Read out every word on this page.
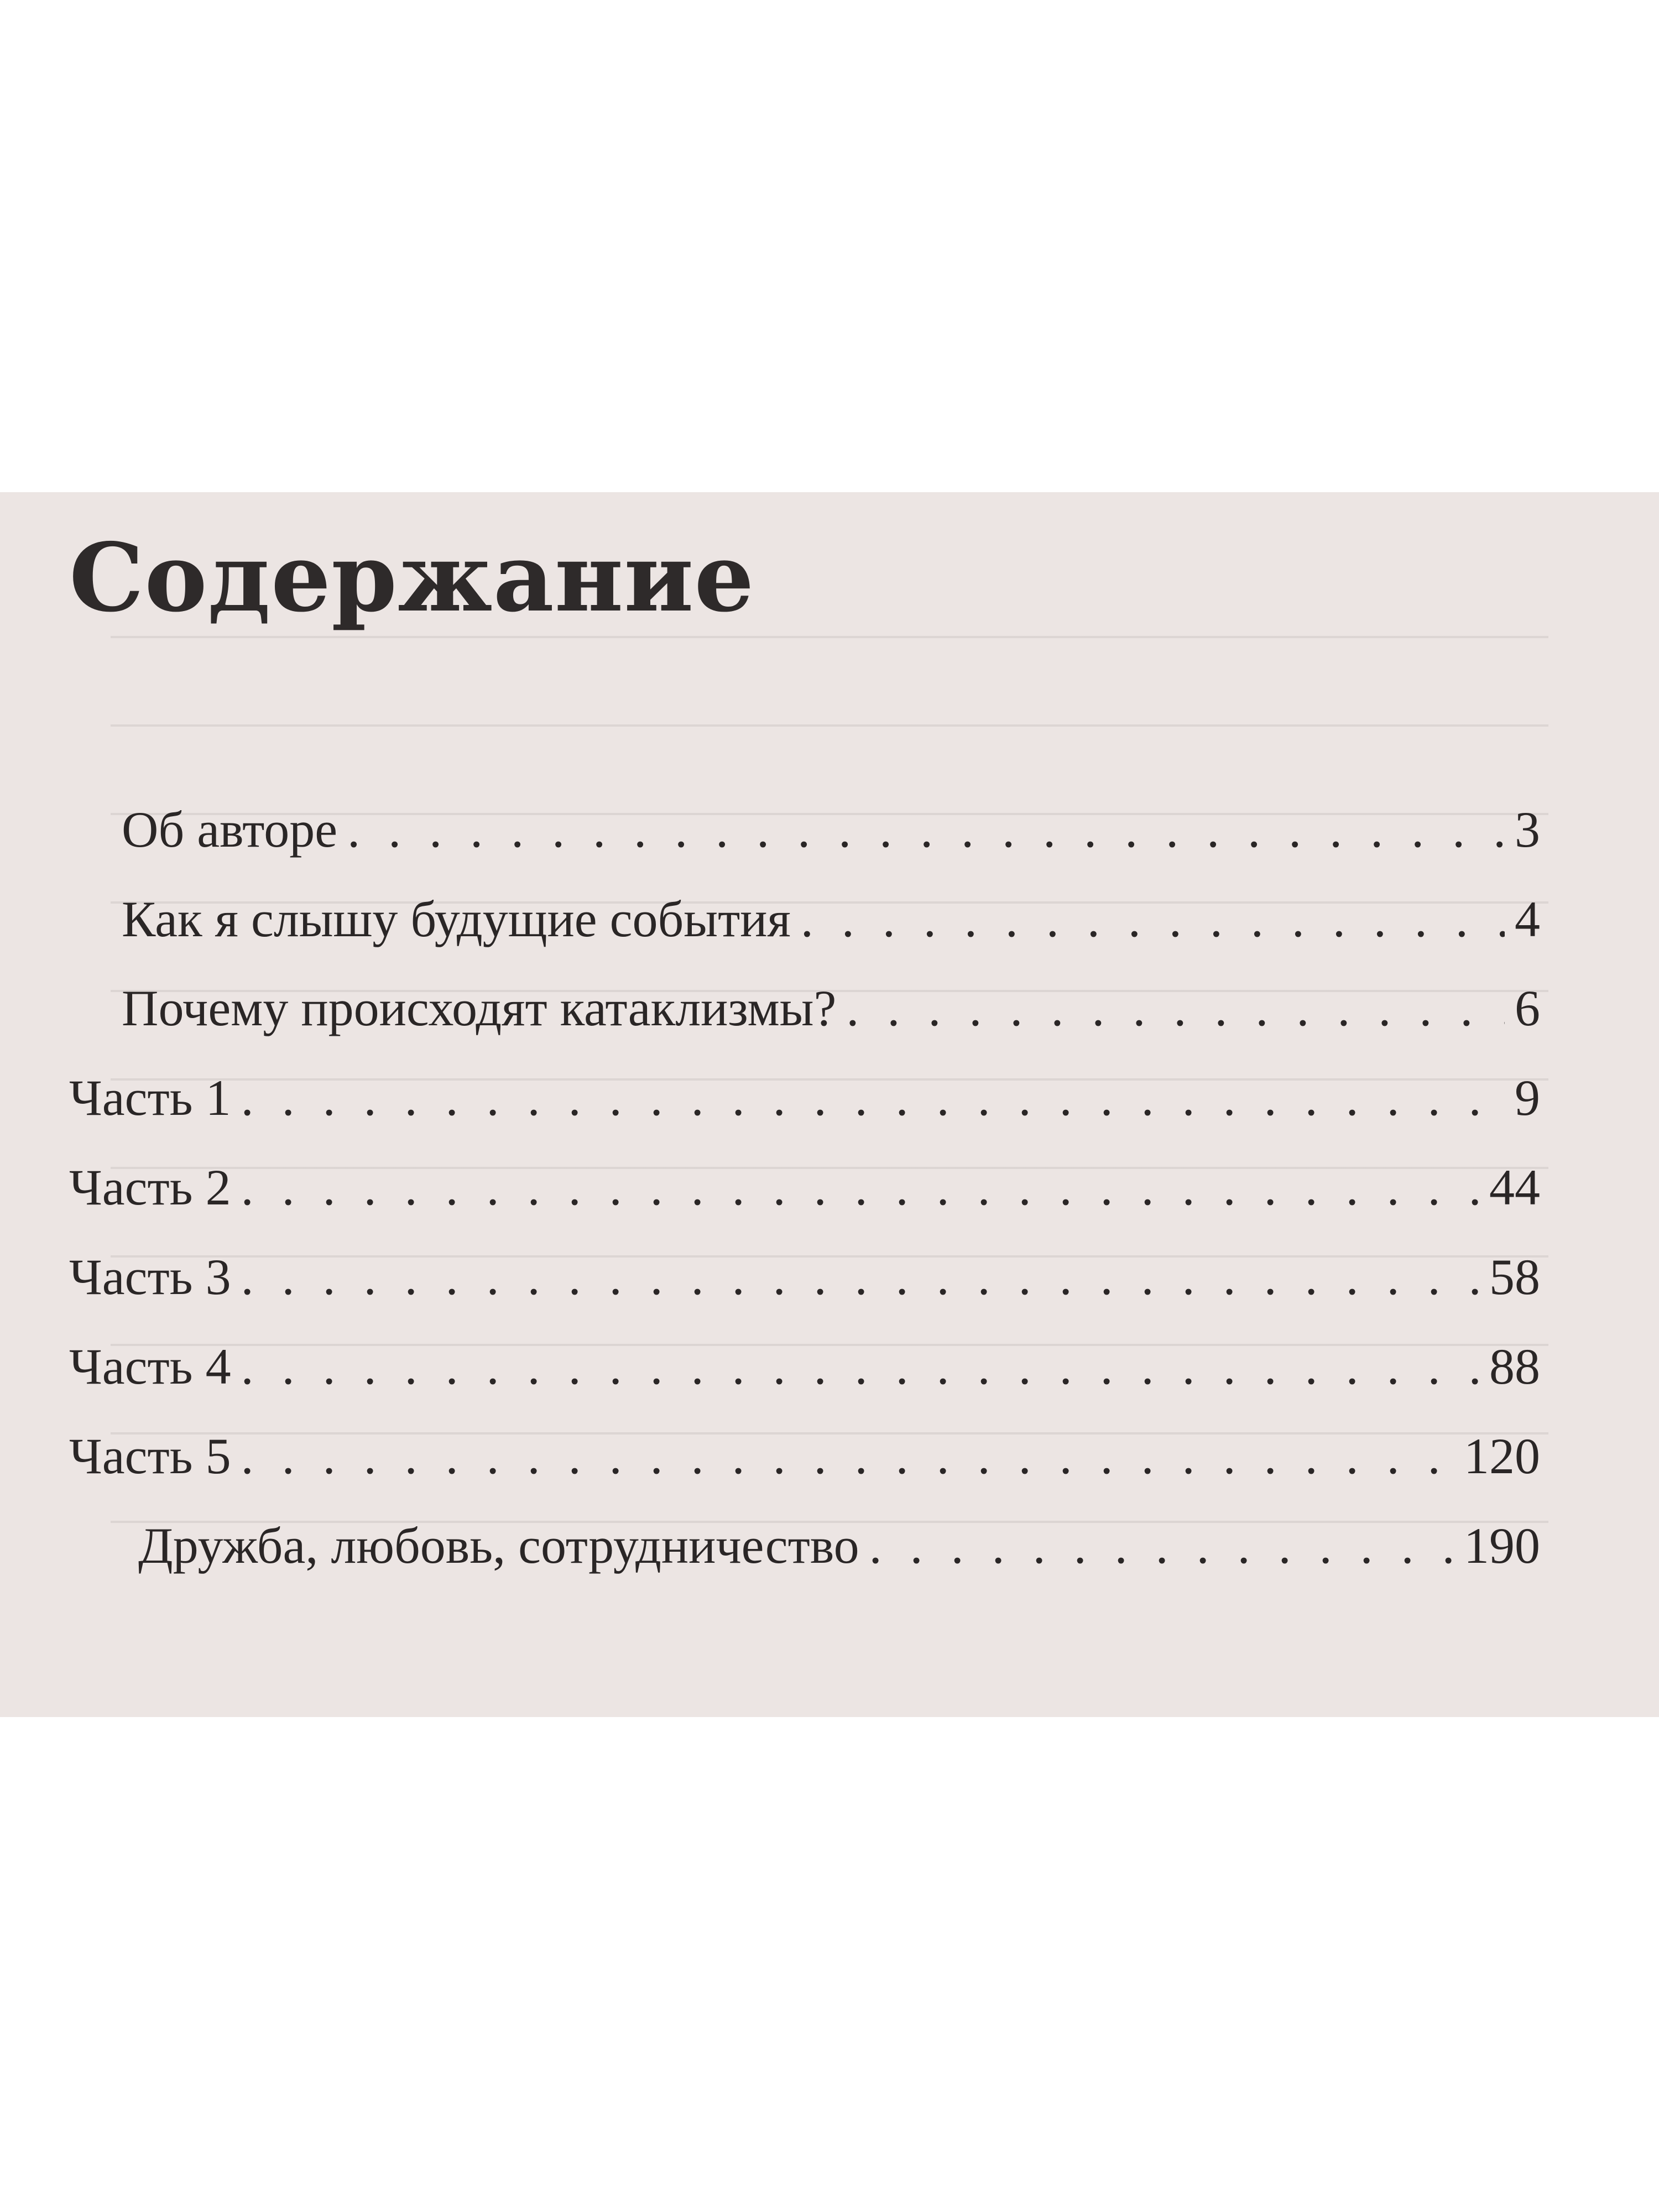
Содержание
Об авторе . . .	3
Как я слышу будущие события . . .	4
Почему происходят катаклизмы? . . .	6
Часть 1 . . .	9
Часть 2 . . .	44
Часть 3 . . .	58
Часть 4 . . .	88
Часть 5 . . .	120
Дружба, любовь, сотрудничество . . .	190
